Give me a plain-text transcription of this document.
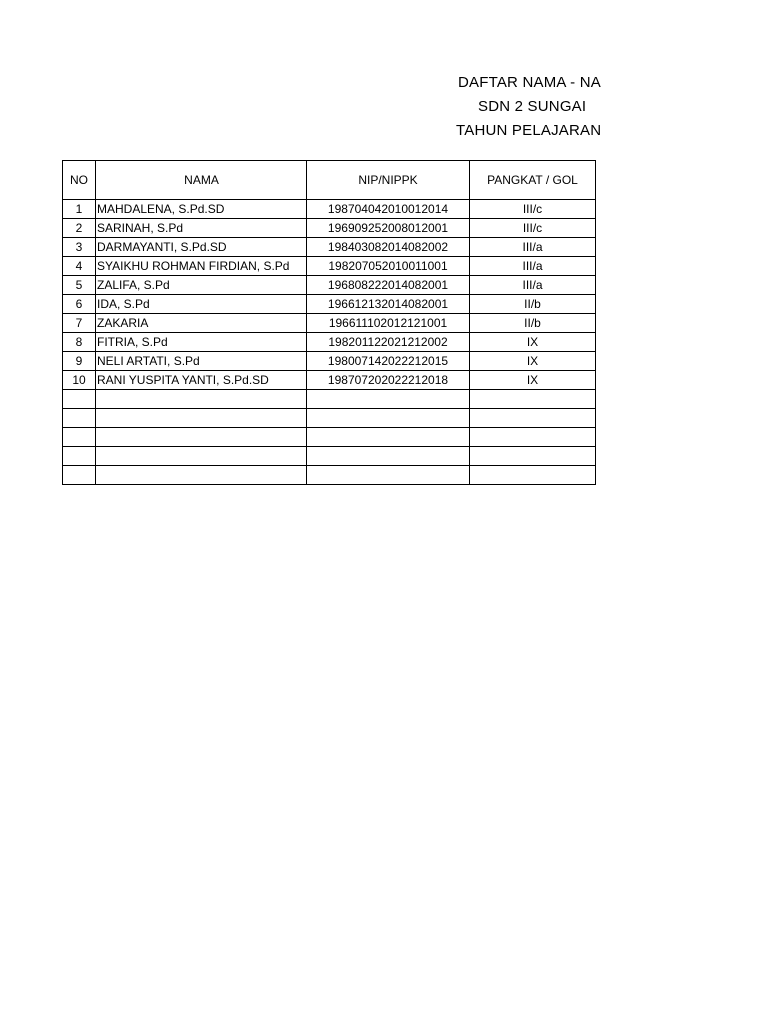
DAFTAR NAMA - NA
SDN 2 SUNGAI
TAHUN PELAJARAN
NO	NAMA	NIP/NIPPK	PANGKAT / GOL
1	MAHDALENA, S.Pd.SD	198704042010012014	III/c
2	SARINAH, S.Pd	196909252008012001	III/c
3	DARMAYANTI, S.Pd.SD	198403082014082002	III/a
4	SYAIKHU ROHMAN FIRDIAN, S.Pd	198207052010011001	III/a
5	ZALIFA, S.Pd	196808222014082001	III/a
6	IDA, S.Pd	196612132014082001	II/b
7	ZAKARIA	196611102012121001	II/b
8	FITRIA, S.Pd	198201122021212002	IX
9	NELI ARTATI, S.Pd	198007142022212015	IX
10	RANI YUSPITA YANTI, S.Pd.SD	198707202022212018	IX
